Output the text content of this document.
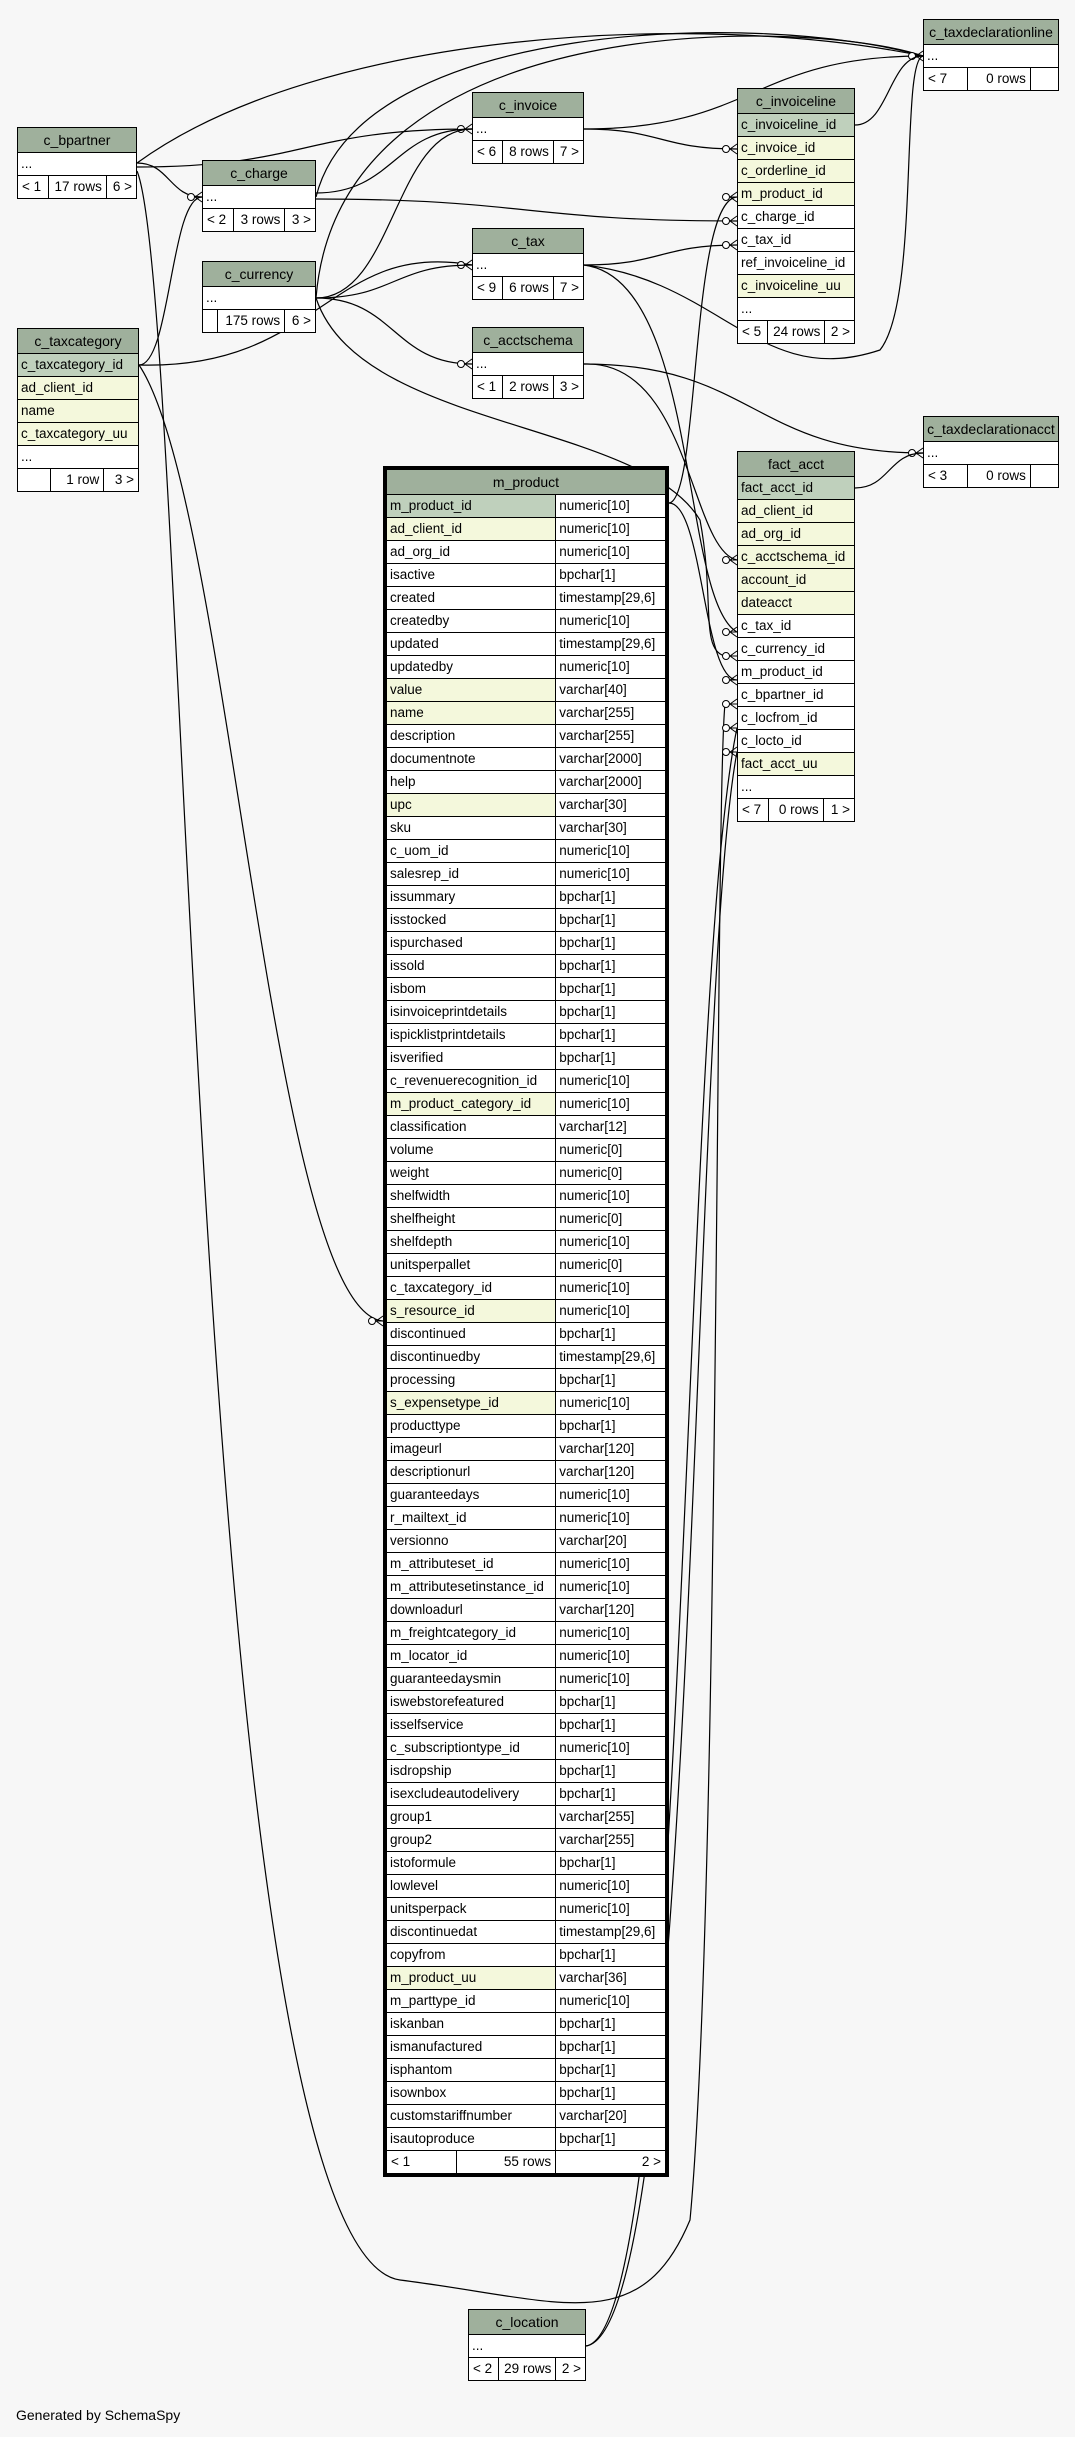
c_bpartner
...
< 1	17 rows	6 >
c_taxcategory
c_taxcategory_id
ad_client_id
name
c_taxcategory_uu
...
	1 row	3 >
c_charge
...
< 2	3 rows	3 >
c_currency
...
	175 rows	6 >
c_invoice
...
< 6	8 rows	7 >
c_tax
...
< 9	6 rows	7 >
c_acctschema
...
< 1	2 rows	3 >
c_invoiceline
c_invoiceline_id
c_invoice_id
c_orderline_id
m_product_id
c_charge_id
c_tax_id
ref_invoiceline_id
c_invoiceline_uu
...
< 5	24 rows	2 >
c_taxdeclarationline
...
< 7	0 rows	
c_taxdeclarationacct
...
< 3	0 rows	
fact_acct
fact_acct_id
ad_client_id
ad_org_id
c_acctschema_id
account_id
dateacct
c_tax_id
c_currency_id
m_product_id
c_bpartner_id
c_locfrom_id
c_locto_id
fact_acct_uu
...
< 7	0 rows	1 >
c_location
...
< 2	29 rows	2 >
m_product		
m_product_id		numeric[10]
ad_client_id		numeric[10]
ad_org_id		numeric[10]
isactive		bpchar[1]
created		timestamp[29,6]
createdby		numeric[10]
updated		timestamp[29,6]
updatedby		numeric[10]
value		varchar[40]
name		varchar[255]
description		varchar[255]
documentnote		varchar[2000]
help		varchar[2000]
upc		varchar[30]
sku		varchar[30]
c_uom_id		numeric[10]
salesrep_id		numeric[10]
issummary		bpchar[1]
isstocked		bpchar[1]
ispurchased		bpchar[1]
issold		bpchar[1]
isbom		bpchar[1]
isinvoiceprintdetails		bpchar[1]
ispicklistprintdetails		bpchar[1]
isverified		bpchar[1]
c_revenuerecognition_id		numeric[10]
m_product_category_id		numeric[10]
classification		varchar[12]
volume		numeric[0]
weight		numeric[0]
shelfwidth		numeric[10]
shelfheight		numeric[0]
shelfdepth		numeric[10]
unitsperpallet		numeric[0]
c_taxcategory_id		numeric[10]
s_resource_id		numeric[10]
discontinued		bpchar[1]
discontinuedby		timestamp[29,6]
processing		bpchar[1]
s_expensetype_id		numeric[10]
producttype		bpchar[1]
imageurl		varchar[120]
descriptionurl		varchar[120]
guaranteedays		numeric[10]
r_mailtext_id		numeric[10]
versionno		varchar[20]
m_attributeset_id		numeric[10]
m_attributesetinstance_id		numeric[10]
downloadurl		varchar[120]
m_freightcategory_id		numeric[10]
m_locator_id		numeric[10]
guaranteedaysmin		numeric[10]
iswebstorefeatured		bpchar[1]
isselfservice		bpchar[1]
c_subscriptiontype_id		numeric[10]
isdropship		bpchar[1]
isexcludeautodelivery		bpchar[1]
group1		varchar[255]
group2		varchar[255]
istoformule		bpchar[1]
lowlevel		numeric[10]
unitsperpack		numeric[10]
discontinuedat		timestamp[29,6]
copyfrom		bpchar[1]
m_product_uu		varchar[36]
m_parttype_id		numeric[10]
iskanban		bpchar[1]
ismanufactured		bpchar[1]
isphantom		bpchar[1]
isownbox		bpchar[1]
customstariffnumber		varchar[20]
isautoproduce		bpchar[1]
< 1	55 rows	2 >
Generated by SchemaSpy
